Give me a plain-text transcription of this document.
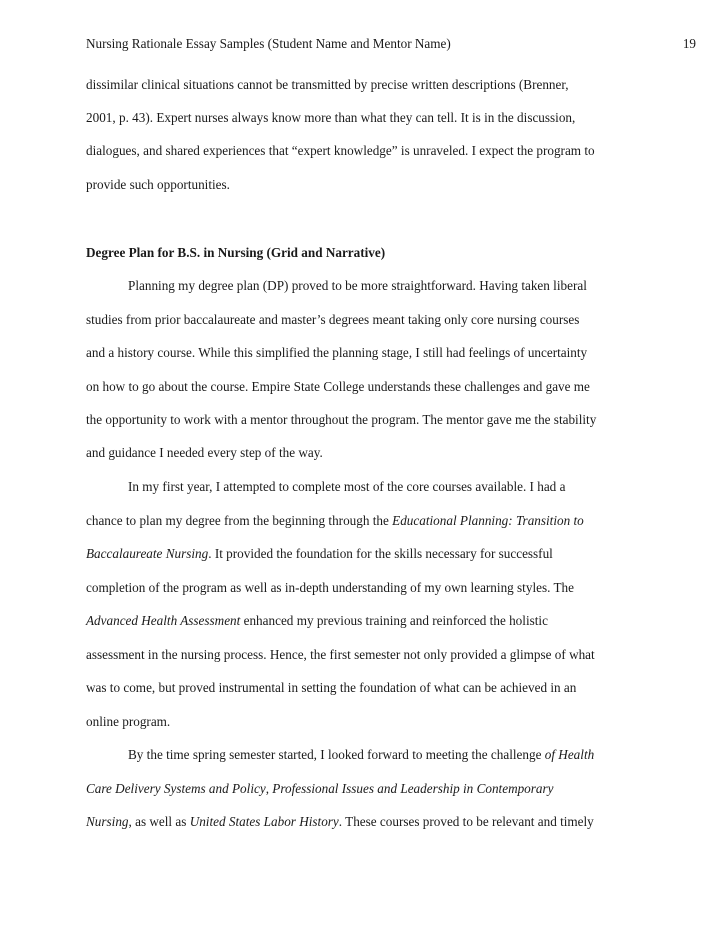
Nursing Rationale Essay Samples (Student Name and Mentor Name)	19
dissimilar clinical situations cannot be transmitted by precise written descriptions (Brenner,
2001, p. 43). Expert nurses always know more than what they can tell. It is in the discussion,
dialogues, and shared experiences that “expert knowledge” is unraveled. I expect the program to
provide such opportunities.
Degree Plan for B.S. in Nursing (Grid and Narrative)
Planning my degree plan (DP) proved to be more straightforward. Having taken liberal
studies from prior baccalaureate and master’s degrees meant taking only core nursing courses
and a history course. While this simplified the planning stage, I still had feelings of uncertainty
on how to go about the course. Empire State College understands these challenges and gave me
the opportunity to work with a mentor throughout the program. The mentor gave me the stability
and guidance I needed every step of the way.
In my first year, I attempted to complete most of the core courses available. I had a
chance to plan my degree from the beginning through the Educational Planning: Transition to
Baccalaureate Nursing. It provided the foundation for the skills necessary for successful
completion of the program as well as in-depth understanding of my own learning styles. The
Advanced Health Assessment enhanced my previous training and reinforced the holistic
assessment in the nursing process. Hence, the first semester not only provided a glimpse of what
was to come, but proved instrumental in setting the foundation of what can be achieved in an
online program.
By the time spring semester started, I looked forward to meeting the challenge of Health
Care Delivery Systems and Policy, Professional Issues and Leadership in Contemporary
Nursing, as well as United States Labor History. These courses proved to be relevant and timely
